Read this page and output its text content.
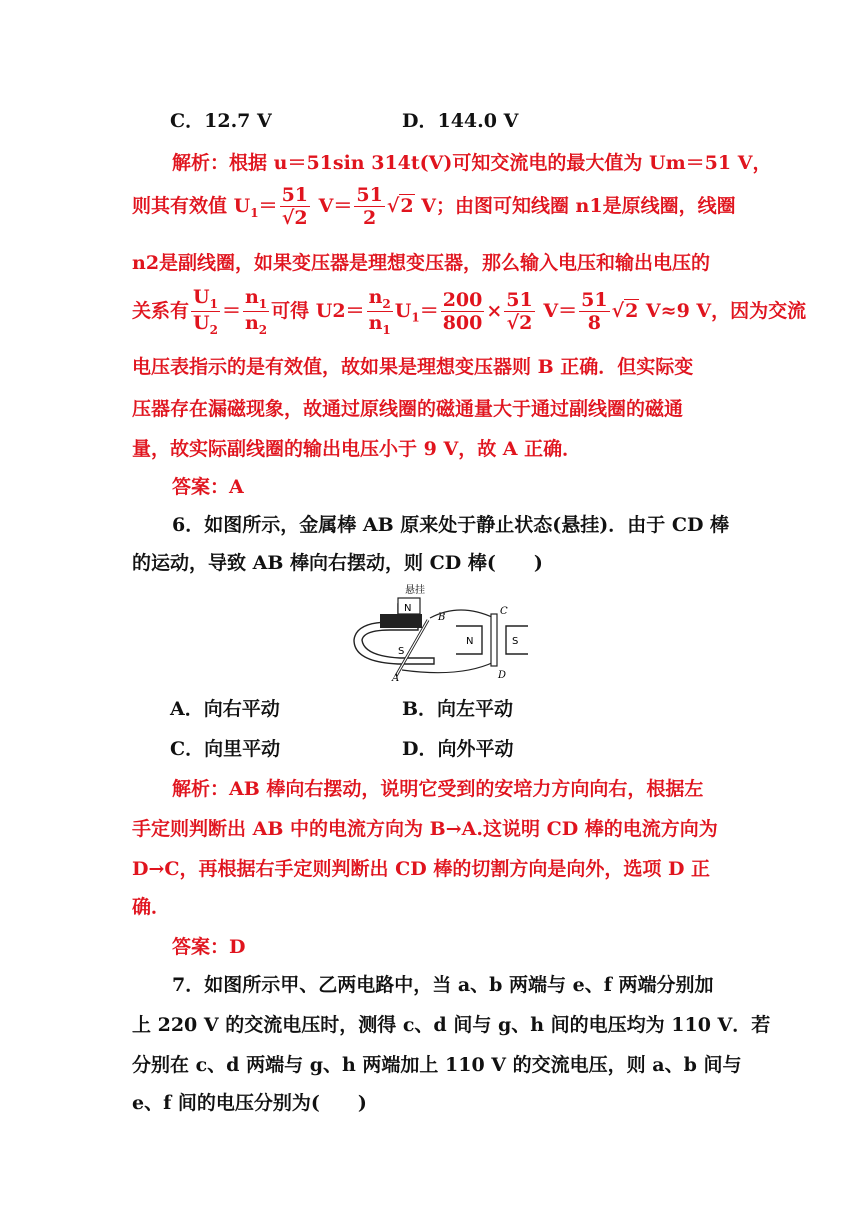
C．12.7 V	D．144.0 V
解析：根据 u＝51sin 314t(V)可知交流电的最大值为 Um＝51 V，
则其有效值 $U_1= \frac{51}{√2} V= \frac{51}{2} √2$ V；由图可知线圈 n1是原线圈，线圈
n2是副线圈，如果变压器是理想变压器，那么输入电压和输出电压的
关系有 $\frac{U_1}{U_2} = \frac{n_1}{n_2}$ 可得 $U2= \frac{n_2}{n_1} U_1= \frac{200}{800} \times \frac{51}{√2} V= \frac{51}{8} √2$ V≈9 V，因为交流
电压表指示的是有效值，故如果是理想变压器则 B 正确．但实际变
压器存在漏磁现象，故通过原线圈的磁通量大于通过副线圈的磁通
量，故实际副线圈的输出电压小于 9 V，故 A 正确．
答案：A
6．如图所示，金属棒 AB 原来处于静止状态(悬挂)．由于 CD 棒
的运动，导致 AB 棒向右摆动，则 CD 棒(　　)
悬挂
N
S
B
A
N	S
C
D
A．向右平动	B．向左平动
C．向里平动	D．向外平动
解析：AB 棒向右摆动，说明它受到的安培力方向向右，根据左
手定则判断出 AB 中的电流方向为 B→A.这说明 CD 棒的电流方向为
D→C，再根据右手定则判断出 CD 棒的切割方向是向外，选项 D 正
确．
答案：D
7．如图所示甲、乙两电路中，当 a、b 两端与 e、f 两端分别加
上 220 V 的交流电压时，测得 c、d 间与 g、h 间的电压均为 110 V．若
分别在 c、d 两端与 g、h 两端加上 110 V 的交流电压，则 a、b 间与
e、f 间的电压分别为(　　)
